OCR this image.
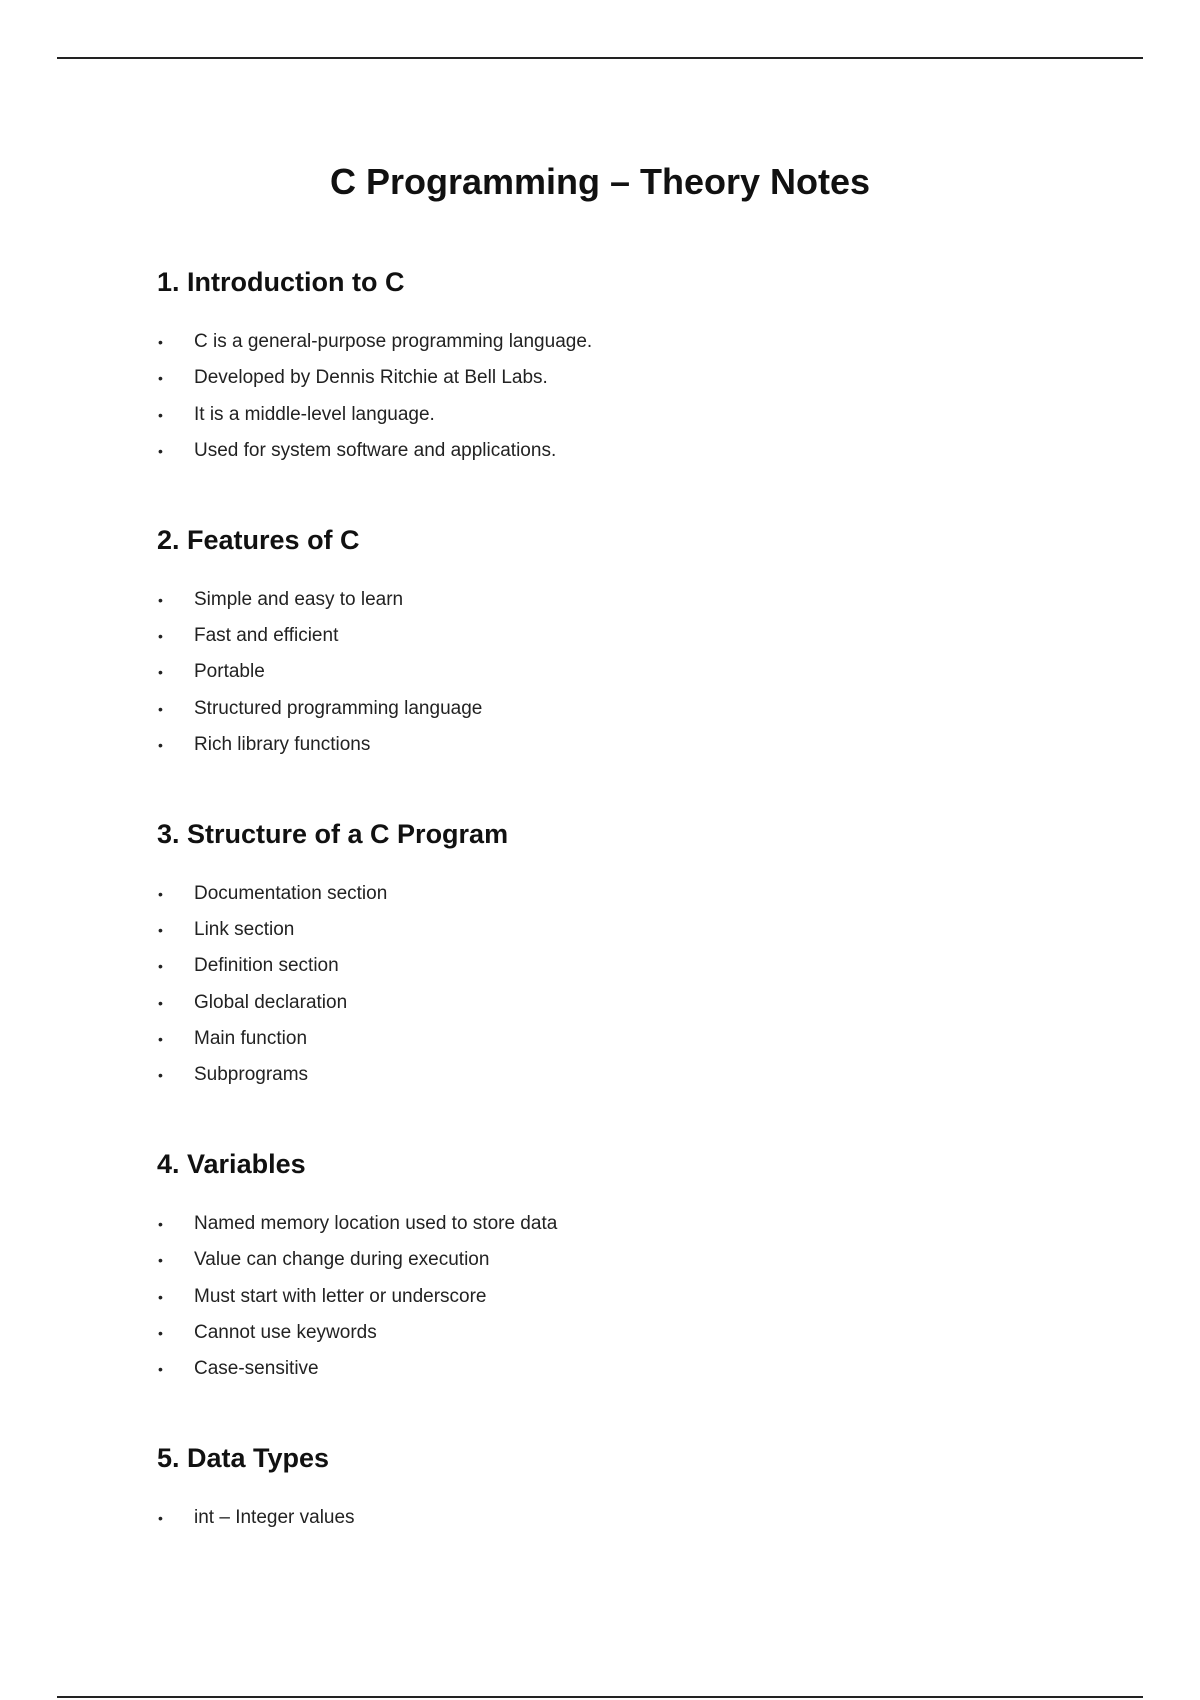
C Programming – Theory Notes
1. Introduction to C
•	C is a general-purpose programming language.
•	Developed by Dennis Ritchie at Bell Labs.
•	It is a middle-level language.
•	Used for system software and applications.
2. Features of C
•	Simple and easy to learn
•	Fast and efficient
•	Portable
•	Structured programming language
•	Rich library functions
3. Structure of a C Program
•	Documentation section
•	Link section
•	Definition section
•	Global declaration
•	Main function
•	Subprograms
4. Variables
•	Named memory location used to store data
•	Value can change during execution
•	Must start with letter or underscore
•	Cannot use keywords
•	Case-sensitive
5. Data Types
•	int – Integer values
